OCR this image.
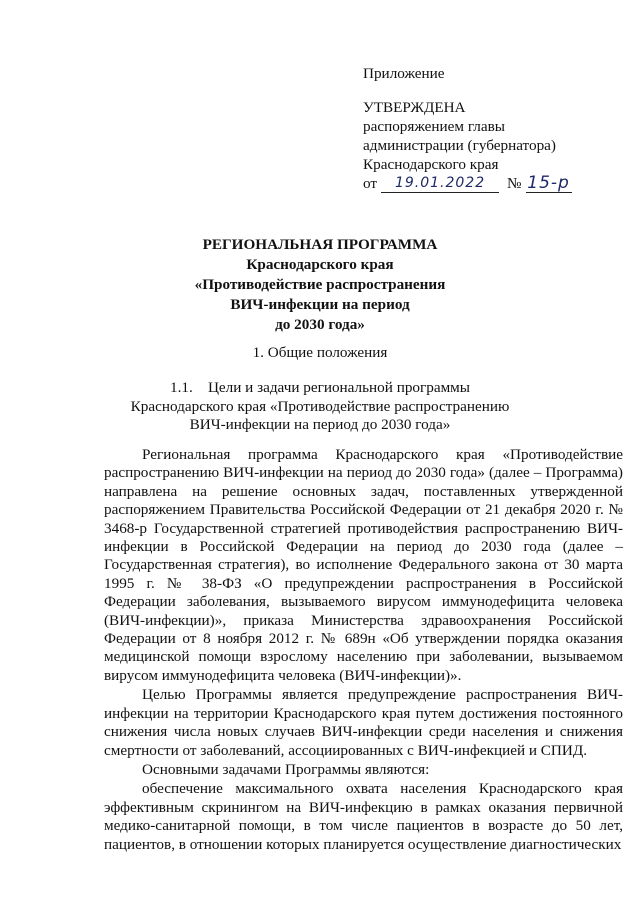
Приложение
УТВЕРЖДЕНА
распоряжением главы
администрации (губернатора)
Краснодарского края
от	19.01.2022	№ 15-р
РЕГИОНАЛЬНАЯ ПРОГРАММА
Краснодарского края
«Противодействие распространения
ВИЧ-инфекции на период
до 2030 года»
1. Общие положения
1.1.    Цели и задачи региональной программы
Краснодарского края «Противодействие распространению
ВИЧ-инфекции на период до 2030 года»

Региональная программа Краснодарского края «Противодействие распространению ВИЧ-инфекции на период до 2030 года» (далее – Программа) направлена на решение основных задач, поставленных утвержденной распоряжением Правительства Российской Федерации от 21 декабря 2020 г. № 3468-р Государственной стратегией противодействия распространению ВИЧ-инфекции в Российской Федерации на период до 2030 года (далее – Государственная стратегия), во исполнение Федерального закона от 30 марта 1995 г. № 38-ФЗ «О предупреждении распространения в Российской Федерации заболевания, вызываемого вирусом иммунодефицита человека (ВИЧ-инфекции)», приказа Министерства здравоохранения Российской Федерации от 8 ноября 2012 г. № 689н «Об утверждении порядка оказания медицинской помощи взрослому населению при заболевании, вызываемом вирусом иммунодефицита человека (ВИЧ-инфекции)».

Целью Программы является предупреждение распространения ВИЧ-инфекции на территории Краснодарского края путем достижения постоянного снижения числа новых случаев ВИЧ-инфекции среди населения и снижения смертности от заболеваний, ассоциированных с ВИЧ-инфекцией и СПИД.

Основными задачами Программы являются:

обеспечение максимального охвата населения Краснодарского края эффективным скринингом на ВИЧ-инфекцию в рамках оказания первичной медико-санитарной помощи, в том числе пациентов в возрасте до 50 лет, пациентов, в отношении которых планируется осуществление диагностических
